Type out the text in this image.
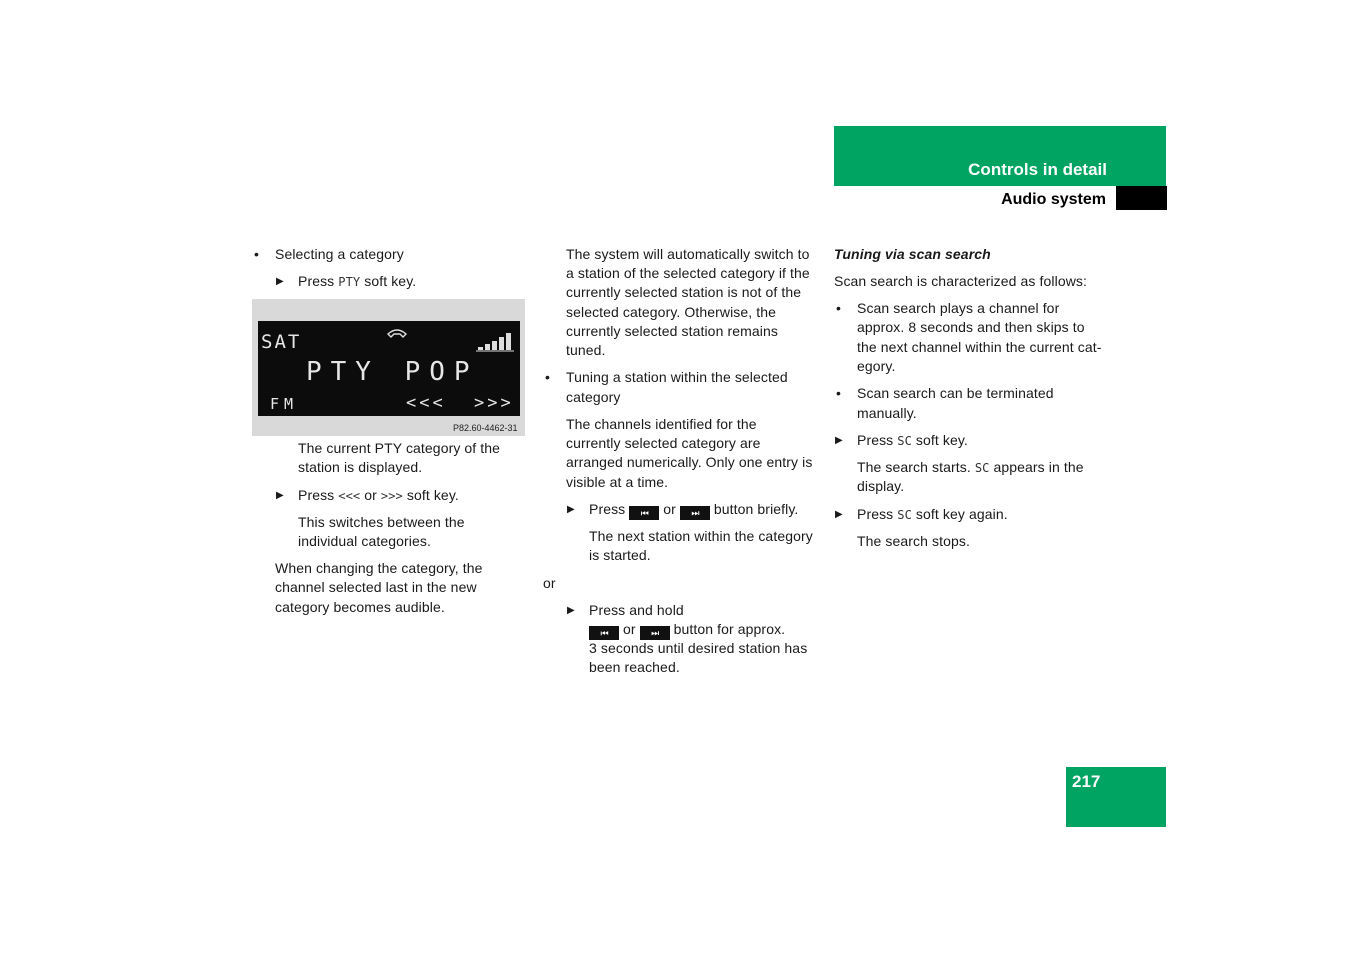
Controls in detail
Audio system
• Selecting a category

▶ Press PTY soft key.

SAT
PTY POP
FM	<<< >>>
P82.60-4462-31

The current PTY category of the

station is displayed.

▶ Press <<< or >>> soft key.

This switches between the

individual categories.

When changing the category, the

channel selected last in the new

category becomes audible.

The system will automatically switch to

a station of the selected category if the

currently selected station is not of the

selected category. Otherwise, the

currently selected station remains

tuned.

• Tuning a station within the selected

category

The channels identified for the

currently selected category are

arranged numerically. Only one entry is

visible at a time.

▶ Press ⏮ or ⏭ button briefly.

The next station within the category

is started.

or

▶ Press and hold

⏮ or ⏭ button for approx.

3 seconds until desired station has

been reached.

Tuning via scan search

Scan search is characterized as follows:

• Scan search plays a channel for

approx. 8 seconds and then skips to

the next channel within the current cat-

egory.

• Scan search can be terminated

manually.

▶ Press SC soft key.

The search starts. SC appears in the

display.

▶ Press SC soft key again.

The search stops.

217
